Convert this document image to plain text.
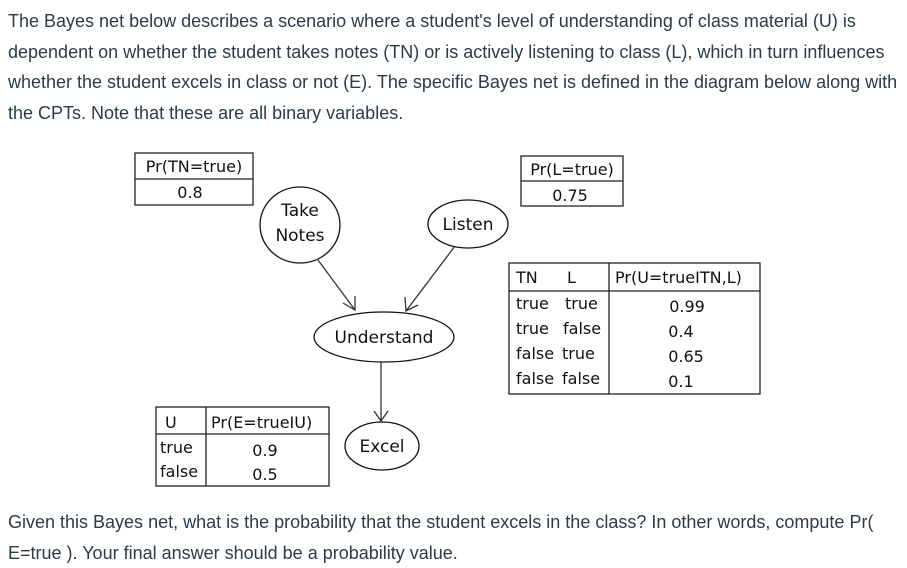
The Bayes net below describes a scenario where a student's level of understanding of class material (U) is dependent on whether the student takes notes (TN) or is actively listening to class (L), which in turn influences whether the student excels in class or not (E). The specific Bayes net is defined in the diagram below along with the CPTs. Note that these are all binary variables.
Pr(TN=true)
0.8
Pr(L=true)
0.75
Take
Notes
Listen
Understand
Excel
TN L Pr(U=trueITN,L)
true true	0.99
true false	0.4
false true	0.65
false false	0.1
U Pr(E=trueIU)
true	0.9
false	0.5
Given this Bayes net, what is the probability that the student excels in the class? In other words, compute Pr( E=true ). Your final answer should be a probability value.
